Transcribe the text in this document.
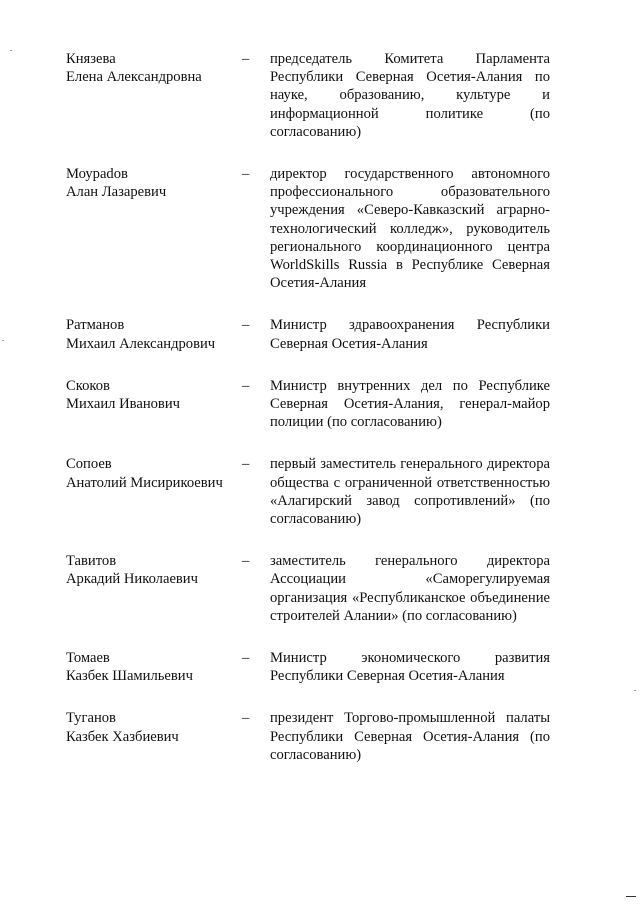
Князева
Елена Александровна
–	председатель Комитета Парламента Республики Северная Осетия-Алания по науке, образованию, культуре и информационной политике (по согласованию)
Моураdов
Алан Лазаревич
–	директор государственного автономного профессионального образовательного учреждения «Северо-Кавказский аграрно-технологический колледж», руководитель регионального координационного центра WorldSkills Russia в Республике Северная Осетия-Алания
Ратманов
Михаил Александрович
–	Министр здравоохранения Республики Северная Осетия-Алания
Скоков
Михаил Иванович
–	Министр внутренних дел по Республике Северная Осетия-Алания, генерал-майор полиции (по согласованию)
Сопоев
Анатолий Мисирикоевич
–	первый заместитель генерального директора общества с ограниченной ответственностью «Алагирский завод сопротивлений» (по согласованию)
Тавитов
Аркадий Николаевич
–	заместитель генерального директора Ассоциации «Саморегулируемая организация «Республиканское объединение строителей Алании» (по согласованию)
Томаев
Казбек Шамильевич
–	Министр экономического развития Республики Северная Осетия-Алания
Туганов
Казбек Хазбиевич
–	президент Торгово-промышленной палаты Республики Северная Осетия-Алания (по согласованию)
